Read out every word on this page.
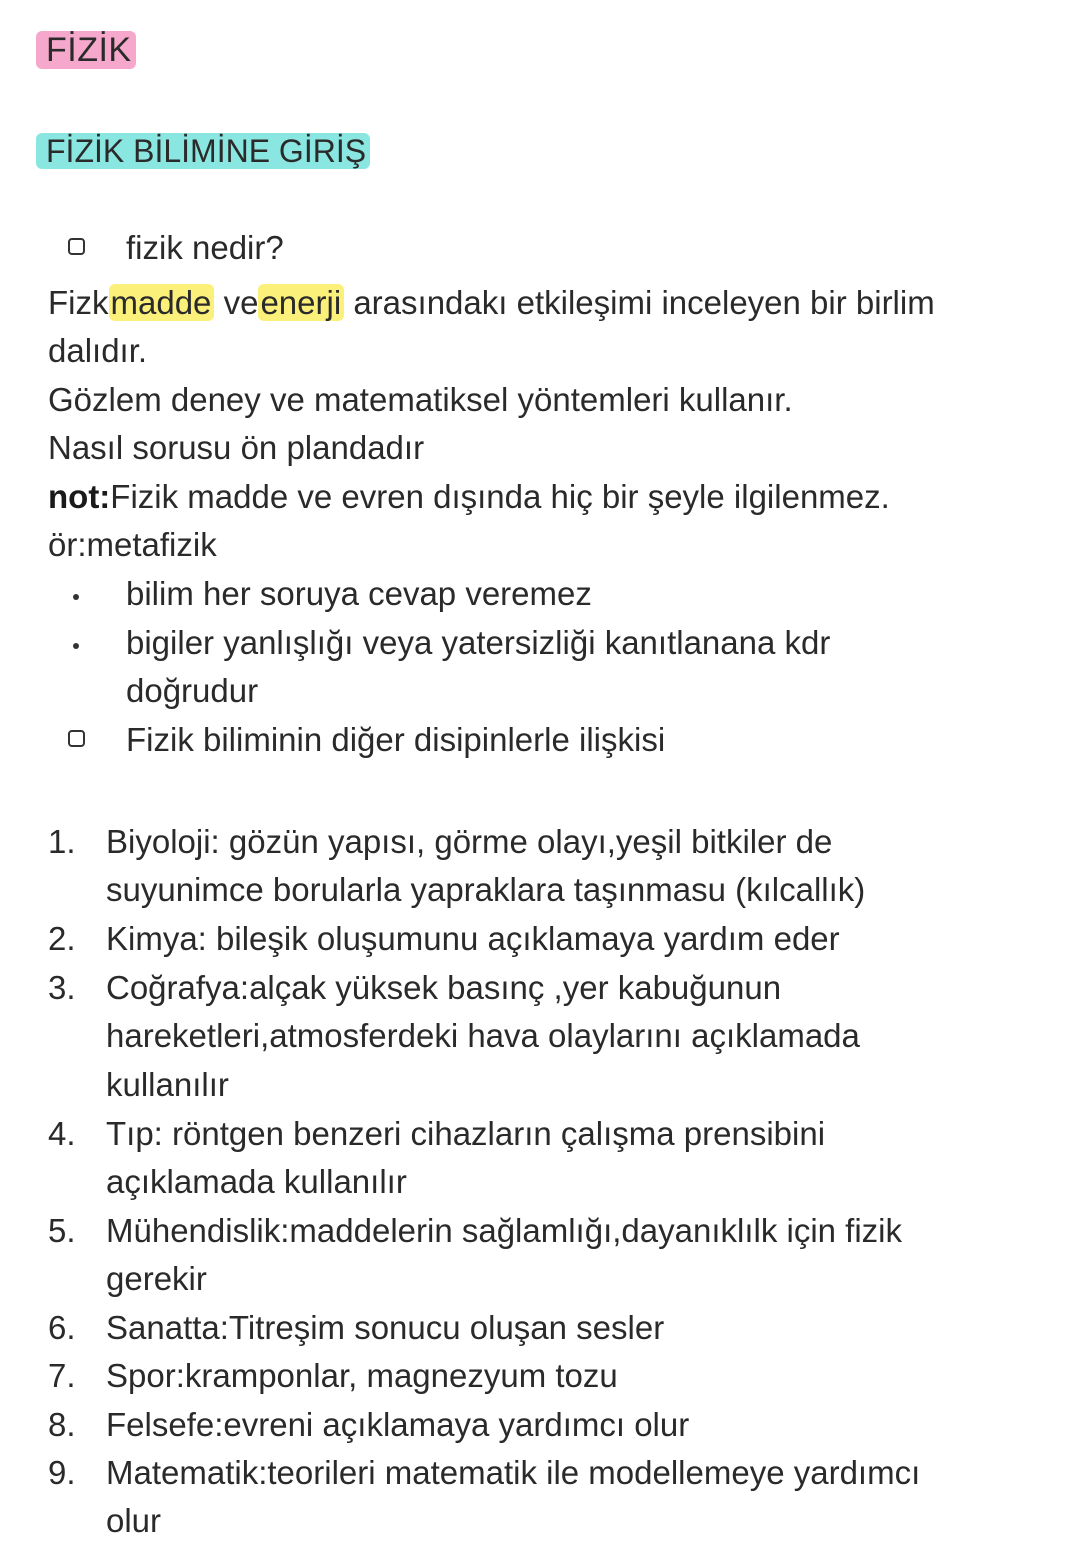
FİZİK
FİZİK BİLİMİNE GİRİŞ
fizik nedir?
Fizkmadde veenerji arasındakı etkileşimi inceleyen bir birlim
dalıdır.
Gözlem deney ve matematiksel yöntemleri kullanır.
Nasıl sorusu ön plandadır
not:Fizik madde ve evren dışında hiç bir şeyle ilgilenmez.
ör:metafizik
bilim her soruya cevap veremez
bigiler yanlışlığı veya yatersizliği kanıtlanana kdr
doğrudur
Fizik biliminin diğer disipinlerle ilişkisi
1. Biyoloji: gözün yapısı, görme olayı,yeşil bitkiler de
suyunimce borularla yapraklara taşınmasu (kılcallık)
2. Kimya: bileşik oluşumunu açıklamaya yardım eder
3. Coğrafya:alçak yüksek basınç ,yer kabuğunun
hareketleri,atmosferdeki hava olaylarını açıklamada
kullanılır
4. Tıp: röntgen benzeri cihazların çalışma prensibini
açıklamada kullanılır
5. Mühendislik:maddelerin sağlamlığı,dayanıklılk için fizik
gerekir
6. Sanatta:Titreşim sonucu oluşan sesler
7. Spor:kramponlar, magnezyum tozu
8. Felsefe:evreni açıklamaya yardımcı olur
9. Matematik:teorileri matematik ile modellemeye yardımcı
olur
